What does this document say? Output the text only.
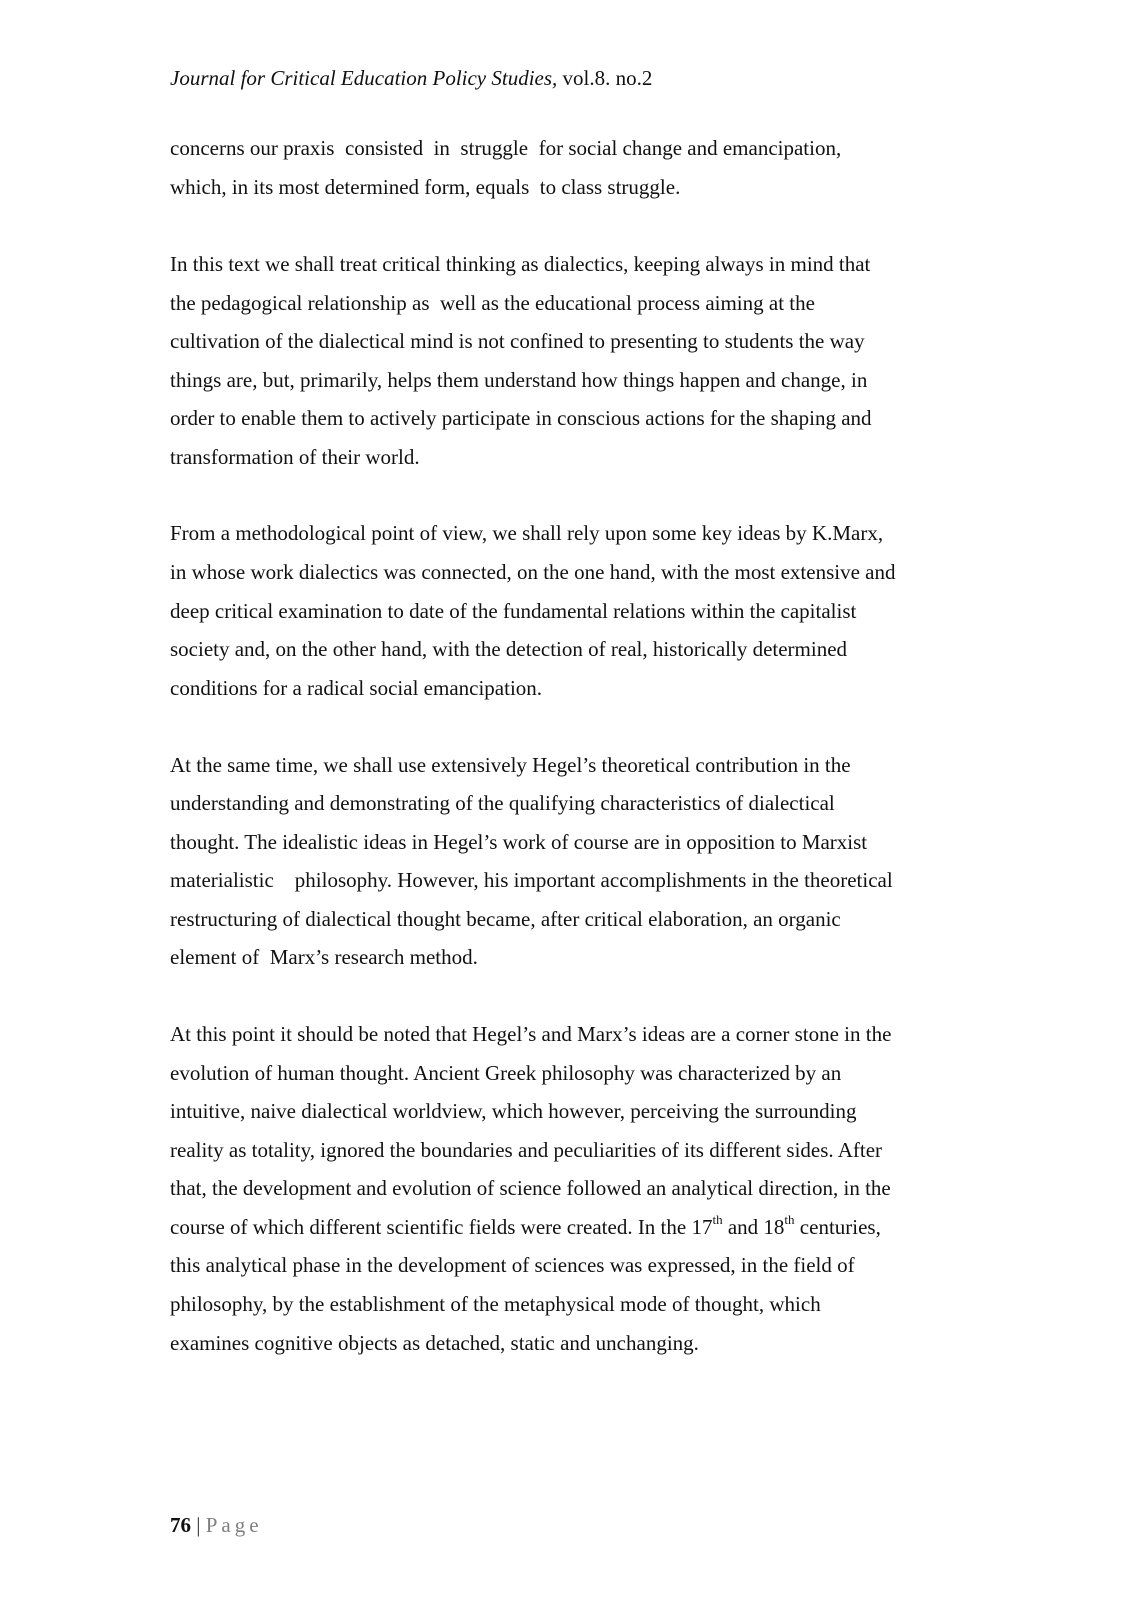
Journal for Critical Education Policy Studies, vol.8. no.2
concerns our praxis  consisted  in  struggle  for social change and emancipation,
which, in its most determined form, equals  to class struggle.
In this text we shall treat critical thinking as dialectics, keeping always in mind that
the pedagogical relationship as  well as the educational process aiming at the
cultivation of the dialectical mind is not confined to presenting to students the way
things are, but, primarily, helps them understand how things happen and change, in
order to enable them to actively participate in conscious actions for the shaping and
transformation of their world.
From a methodological point of view, we shall rely upon some key ideas by K.Marx,
in whose work dialectics was connected, on the one hand, with the most extensive and
deep critical examination to date of the fundamental relations within the capitalist
society and, on the other hand, with the detection of real, historically determined
conditions for a radical social emancipation.
At the same time, we shall use extensively Hegel’s theoretical contribution in the
understanding and demonstrating of the qualifying characteristics of dialectical
thought. The idealistic ideas in Hegel’s work of course are in opposition to Marxist
materialistic    philosophy. However, his important accomplishments in the theoretical
restructuring of dialectical thought became, after critical elaboration, an organic
element of  Marx’s research method.
At this point it should be noted that Hegel’s and Marx’s ideas are a corner stone in the
evolution of human thought. Ancient Greek philosophy was characterized by an
intuitive, naive dialectical worldview, which however, perceiving the surrounding
reality as totality, ignored the boundaries and peculiarities of its different sides. After
that, the development and evolution of science followed an analytical direction, in the
course of which different scientific fields were created. In the 17th and 18th centuries,
this analytical phase in the development of sciences was expressed, in the field of
philosophy, by the establishment of the metaphysical mode of thought, which
examines cognitive objects as detached, static and unchanging.
76 | Page
